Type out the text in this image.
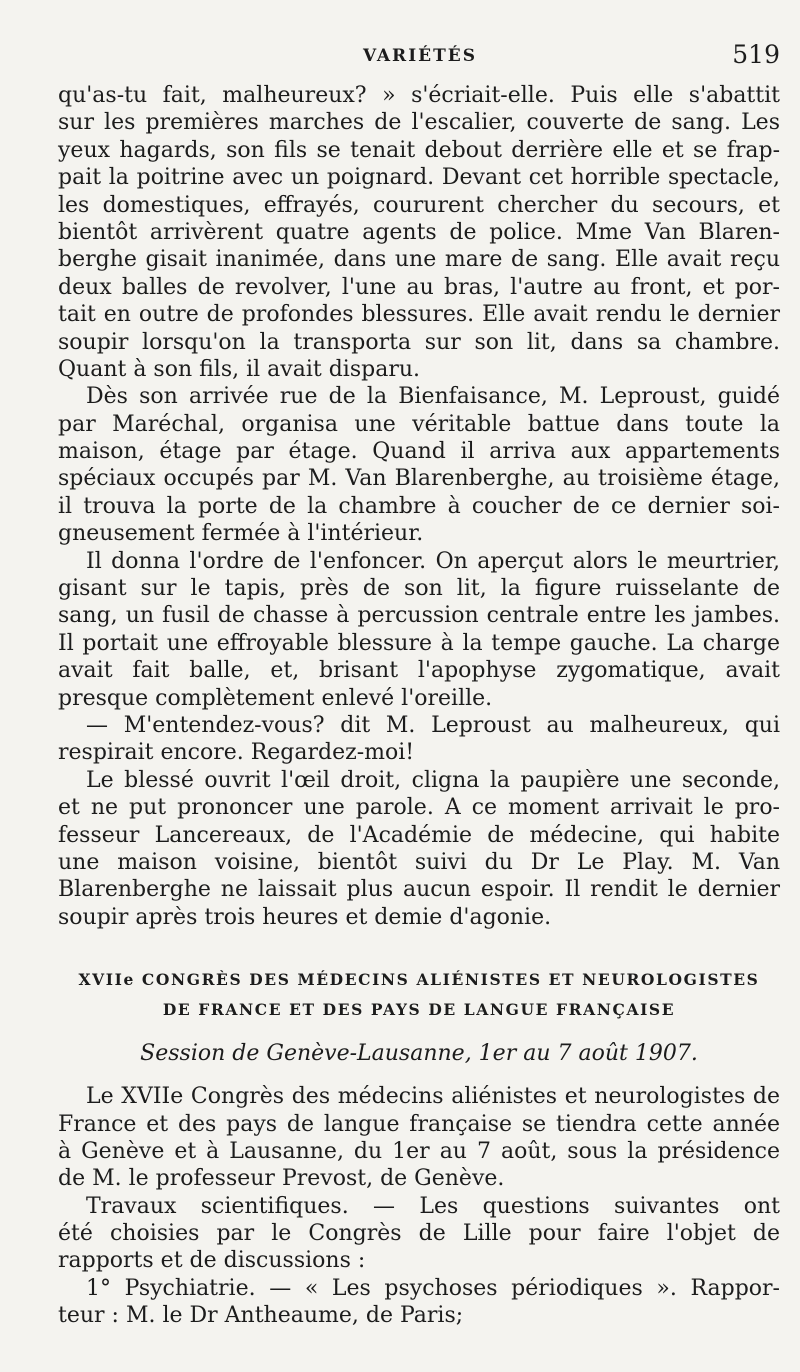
VARIÉTÉS	519
qu'as-tu fait, malheureux? » s'écriait-elle. Puis elle s'abattit
sur les premières marches de l'escalier, couverte de sang. Les
yeux hagards, son fils se tenait debout derrière elle et se frap-
pait la poitrine avec un poignard. Devant cet horrible spectacle,
les domestiques, effrayés, coururent chercher du secours, et
bientôt arrivèrent quatre agents de police. Mme Van Blaren-
berghe gisait inanimée, dans une mare de sang. Elle avait reçu
deux balles de revolver, l'une au bras, l'autre au front, et por-
tait en outre de profondes blessures. Elle avait rendu le dernier
soupir lorsqu'on la transporta sur son lit, dans sa chambre.
Quant à son fils, il avait disparu.
Dès son arrivée rue de la Bienfaisance, M. Leproust, guidé
par Maréchal, organisa une véritable battue dans toute la
maison, étage par étage. Quand il arriva aux appartements
spéciaux occupés par M. Van Blarenberghe, au troisième étage,
il trouva la porte de la chambre à coucher de ce dernier soi-
gneusement fermée à l'intérieur.
Il donna l'ordre de l'enfoncer. On aperçut alors le meurtrier,
gisant sur le tapis, près de son lit, la figure ruisselante de
sang, un fusil de chasse à percussion centrale entre les jambes.
Il portait une effroyable blessure à la tempe gauche. La charge
avait fait balle, et, brisant l'apophyse zygomatique, avait
presque complètement enlevé l'oreille.
— M'entendez-vous? dit M. Leproust au malheureux, qui
respirait encore. Regardez-moi!
Le blessé ouvrit l'œil droit, cligna la paupière une seconde,
et ne put prononcer une parole. A ce moment arrivait le pro-
fesseur Lancereaux, de l'Académie de médecine, qui habite
une maison voisine, bientôt suivi du Dr Le Play. M. Van
Blarenberghe ne laissait plus aucun espoir. Il rendit le dernier
soupir après trois heures et demie d'agonie.
XVIIe CONGRÈS DES MÉDECINS ALIÉNISTES ET NEUROLOGISTES
DE FRANCE ET DES PAYS DE LANGUE FRANÇAISE
Session de Genève-Lausanne, 1er au 7 août 1907.
Le XVIIe Congrès des médecins aliénistes et neurologistes de
France et des pays de langue française se tiendra cette année
à Genève et à Lausanne, du 1er au 7 août, sous la présidence
de M. le professeur Prevost, de Genève.
Travaux scientifiques. — Les questions suivantes ont
été choisies par le Congrès de Lille pour faire l'objet de
rapports et de discussions :
1° Psychiatrie. — « Les psychoses périodiques ». Rappor-
teur : M. le Dr Antheaume, de Paris;
